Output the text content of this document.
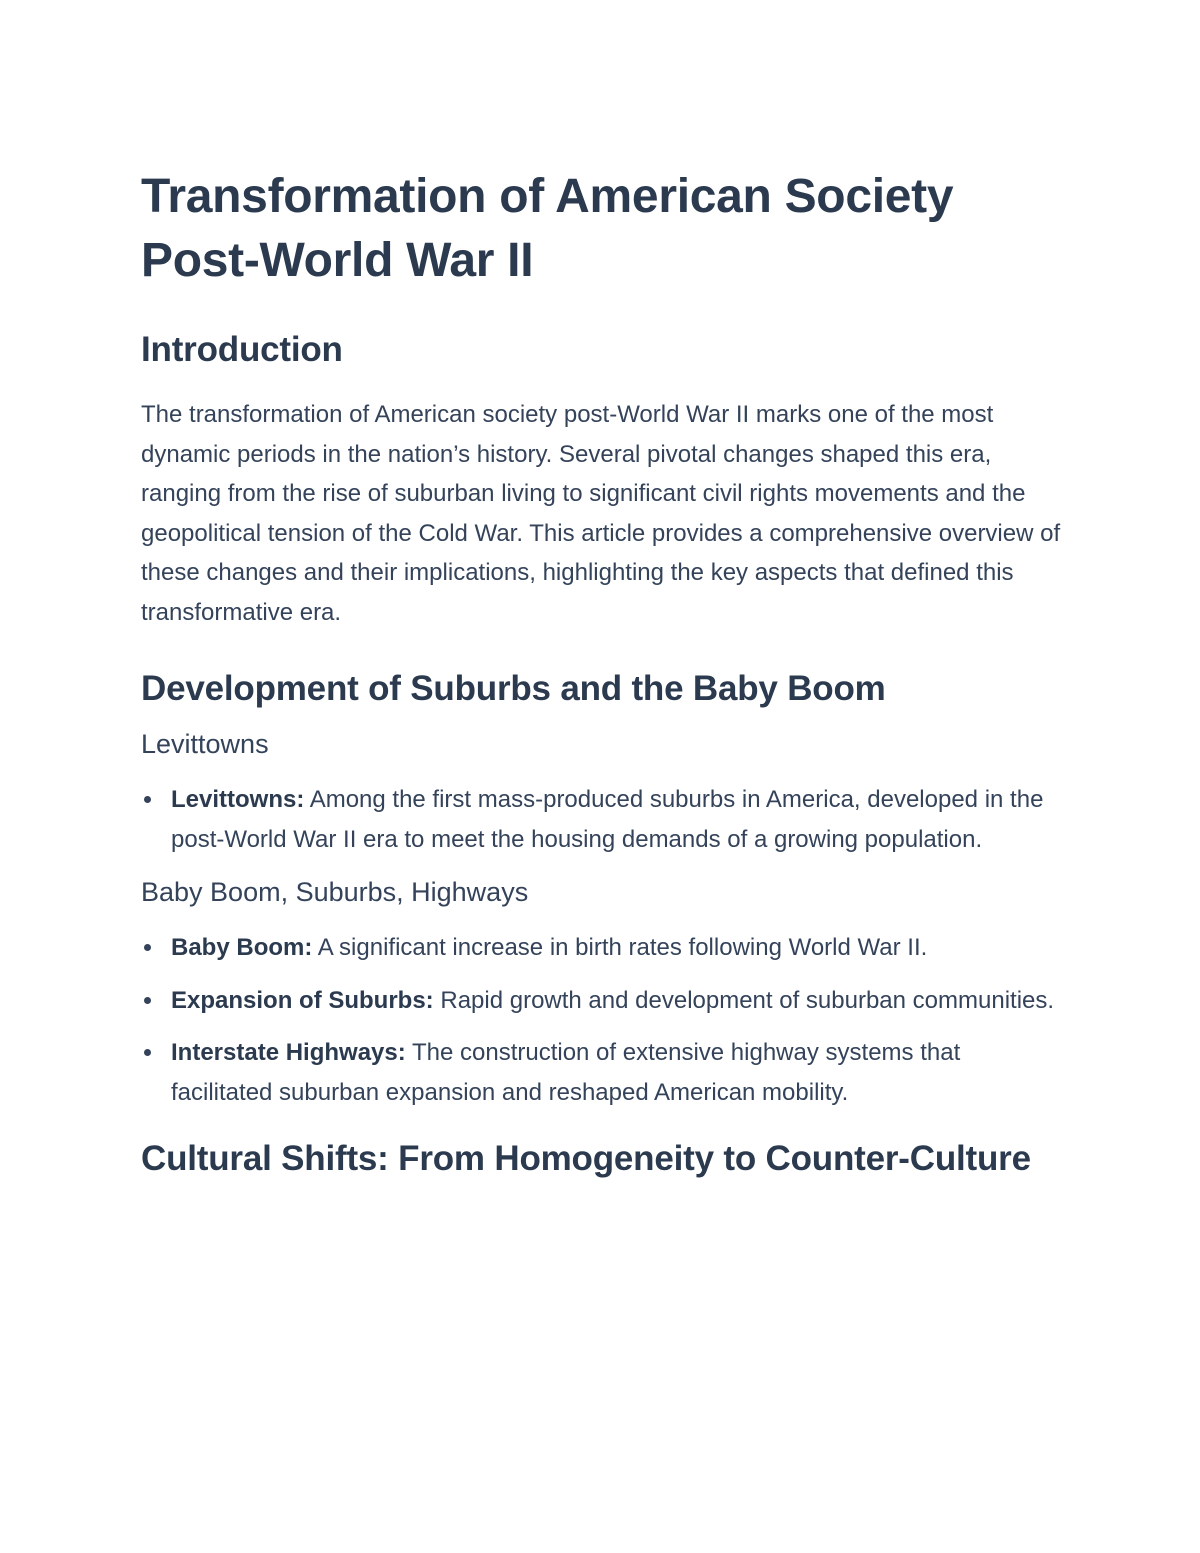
Transformation of American Society Post-World War II
Introduction

The transformation of American society post-World War II marks one of the most dynamic periods in the nation’s history. Several pivotal changes shaped this era, ranging from the rise of suburban living to significant civil rights movements and the geopolitical tension of the Cold War. This article provides a comprehensive overview of these changes and their implications, highlighting the key aspects that defined this transformative era.

Development of Suburbs and the Baby Boom
Levittowns
Levittowns: Among the first mass-produced suburbs in America, developed in the post-World War II era to meet the housing demands of a growing population.
Baby Boom, Suburbs, Highways
Baby Boom: A significant increase in birth rates following World War II.
Expansion of Suburbs: Rapid growth and development of suburban communities.
Interstate Highways: The construction of extensive highway systems that facilitated suburban expansion and reshaped American mobility.
Cultural Shifts: From Homogeneity to Counter-Culture
